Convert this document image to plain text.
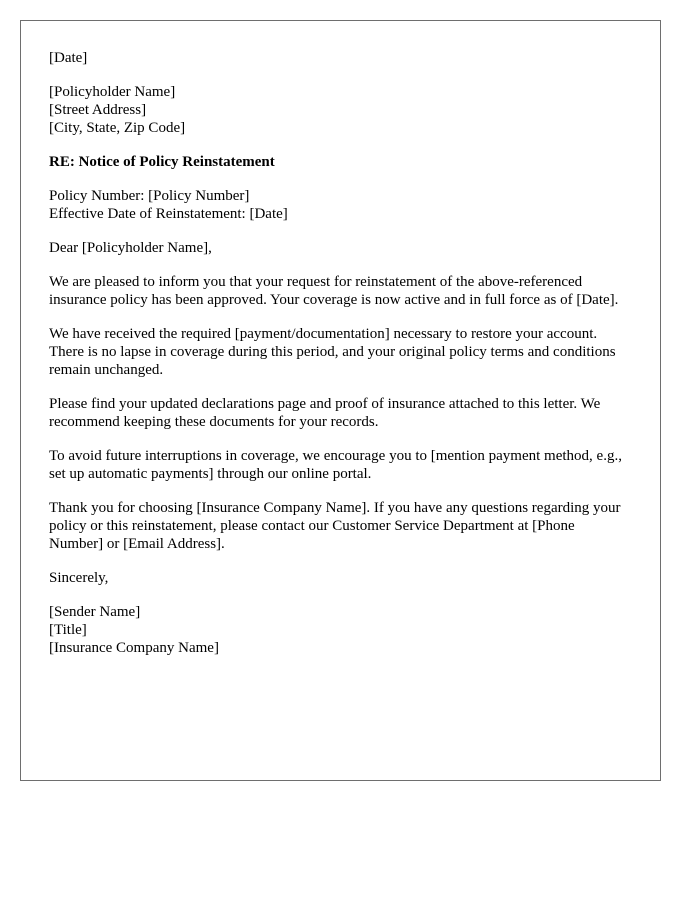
[Date]
[Policyholder Name]
[Street Address]
[City, State, Zip Code]
RE: Notice of Policy Reinstatement
Policy Number: [Policy Number]
Effective Date of Reinstatement: [Date]
Dear [Policyholder Name],

We are pleased to inform you that your request for reinstatement of the above-referenced insurance policy has been approved. Your coverage is now active and in full force as of [Date].

We have received the required [payment/documentation] necessary to restore your account. There is no lapse in coverage during this period, and your original policy terms and conditions remain unchanged.

Please find your updated declarations page and proof of insurance attached to this letter. We recommend keeping these documents for your records.

To avoid future interruptions in coverage, we encourage you to [mention payment method, e.g., set up automatic payments] through our online portal.

Thank you for choosing [Insurance Company Name]. If you have any questions regarding your policy or this reinstatement, please contact our Customer Service Department at [Phone Number] or [Email Address].

Sincerely,
[Sender Name]
[Title]
[Insurance Company Name]
